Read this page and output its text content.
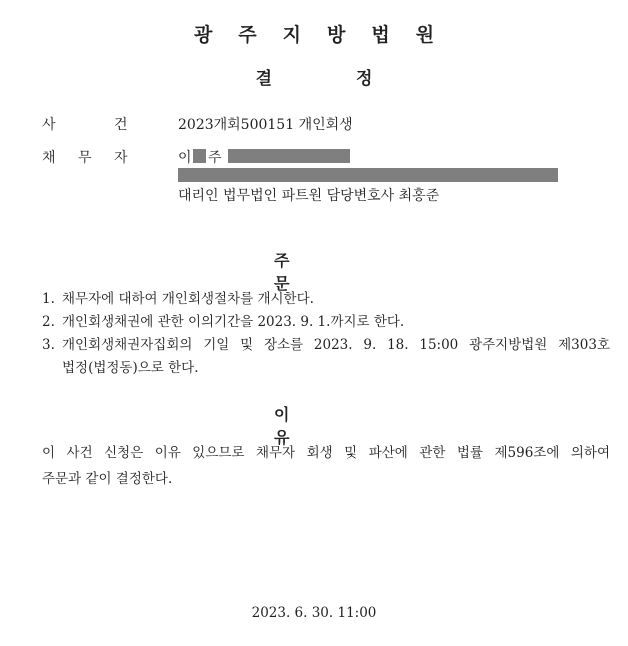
광주지방법원
결정
사	건	2023개회500151 개인회생
채 무 자	이 주
대리인 법무법인 파트원 담당변호사 최홍준
주문
1. 채무자에 대하여 개인회생절차를 개시한다.
2. 개인회생채권에 관한 이의기간을 2023. 9. 1.까지로 한다.
3. 개인회생채권자집회의 기일 및 장소를 2023. 9. 18. 15:00 광주지방법원 제303호
법정(법정동)으로 한다.
이유
이 사건 신청은 이유 있으므로 채무자 회생 및 파산에 관한 법률 제596조에 의하여
주문과 같이 결정한다.
2023. 6. 30. 11:00
